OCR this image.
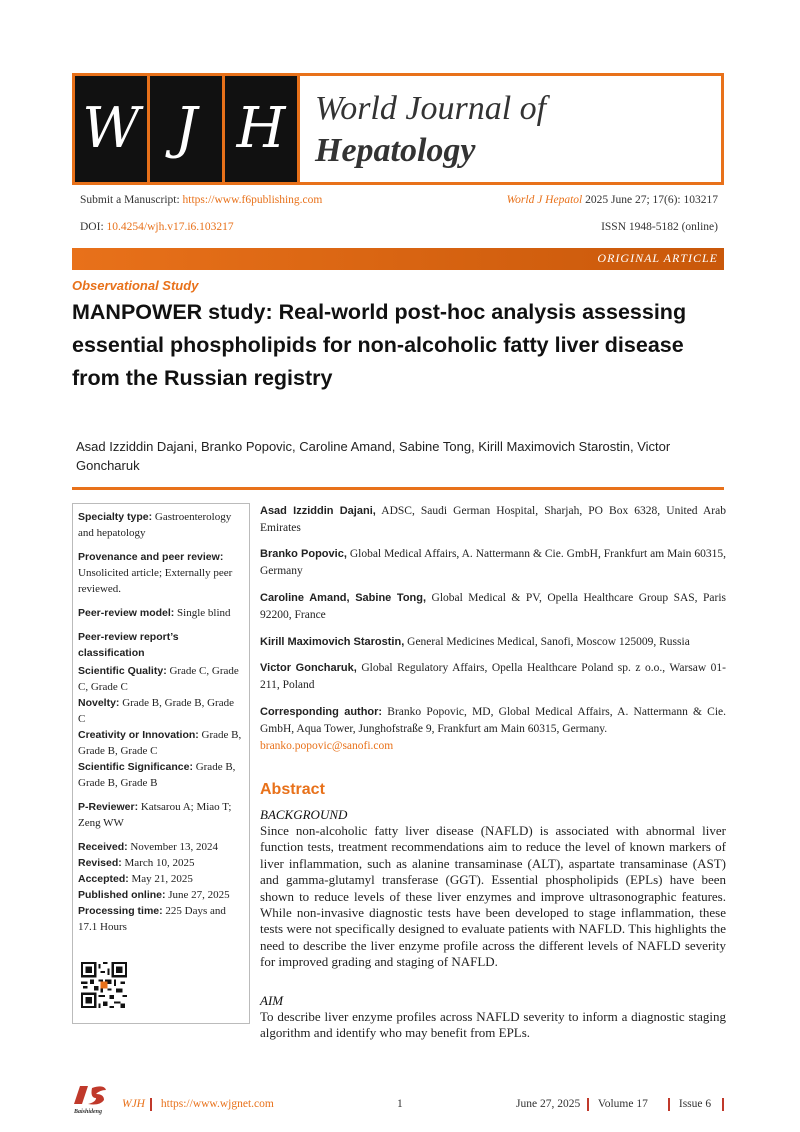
W J H World Journal of
Hepatology
Submit a Manuscript: https://www.f6publishing.com	World J Hepatol 2025 June 27; 17(6): 103217
DOI: 10.4254/wjh.v17.i6.103217	ISSN 1948-5182 (online)
ORIGINAL ARTICLE
Observational Study
MANPOWER study: Real-world post-hoc analysis assessing essential phospholipids for non-alcoholic fatty liver disease from the Russian registry
Asad Izziddin Dajani, Branko Popovic, Caroline Amand, Sabine Tong, Kirill Maximovich Starostin, Victor Goncharuk
Specialty type: Gastroenterology and hepatology
Provenance and peer review:
Unsolicited article; Externally peer reviewed.
Peer-review model: Single blind
Peer-review report’s classification
Scientific Quality: Grade C, Grade C, Grade C
Novelty: Grade B, Grade B, Grade C
Creativity or Innovation: Grade B, Grade B, Grade C
Scientific Significance: Grade B, Grade B, Grade B
P-Reviewer: Katsarou A; Miao T; Zeng WW
Received: November 13, 2024
Revised: March 10, 2025
Accepted: May 21, 2025
Published online: June 27, 2025
Processing time: 225 Days and 17.1 Hours
Asad Izziddin Dajani, ADSC, Saudi German Hospital, Sharjah, PO Box 6328, United Arab Emirates
Branko Popovic, Global Medical Affairs, A. Nattermann & Cie. GmbH, Frankfurt am Main 60315, Germany
Caroline Amand, Sabine Tong, Global Medical & PV, Opella Healthcare Group SAS, Paris 92200, France
Kirill Maximovich Starostin, General Medicines Medical, Sanofi, Moscow 125009, Russia
Victor Goncharuk, Global Regulatory Affairs, Opella Healthcare Poland sp. z o.o., Warsaw 01-211, Poland
Corresponding author: Branko Popovic, MD, Global Medical Affairs, A. Nattermann & Cie. GmbH, Aqua Tower, Junghofstraße 9, Frankfurt am Main 60315, Germany.
branko.popovic@sanofi.com
Abstract
BACKGROUND
Since non-alcoholic fatty liver disease (NAFLD) is associated with abnormal liver function tests, treatment recommendations aim to reduce the level of known markers of liver inflammation, such as alanine transaminase (ALT), aspartate transaminase (AST) and gamma-glutamyl transferase (GGT). Essential phospholipids (EPLs) have been shown to reduce levels of these liver enzymes and improve ultrasonographic features. While non-invasive diagnostic tests have been developed to stage inflammation, these tests were not specifically designed to evaluate patients with NAFLD. This highlights the need to describe the liver enzyme profile across the different levels of NAFLD severity for improved grading and staging of NAFLD.
AIM
To describe liver enzyme profiles across NAFLD severity to inform a diagnostic staging algorithm and identify who may benefit from EPLs.
Baishideng
WJH	https://www.wjgnet.com	1	June 27, 2025	Volume 17	Issue 6
